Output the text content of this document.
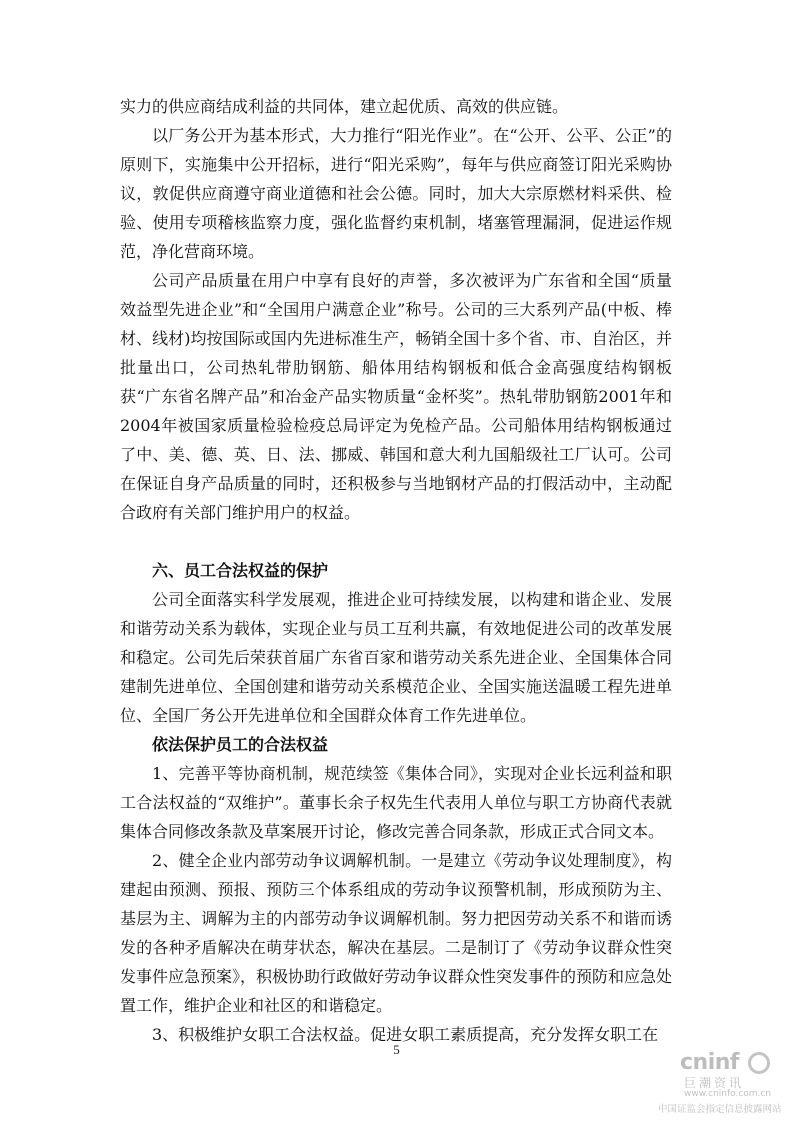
实力的供应商结成利益的共同体，建立起优质、高效的供应链。

以厂务公开为基本形式，大力推行“阳光作业”。在“公开、公平、公正”的原则下，实施集中公开招标，进行“阳光采购”，每年与供应商签订阳光采购协议，敦促供应商遵守商业道德和社会公德。同时，加大大宗原燃材料采供、检验、使用专项稽核监察力度，强化监督约束机制，堵塞管理漏洞，促进运作规范，净化营商环境。

公司产品质量在用户中享有良好的声誉，多次被评为广东省和全国“质量效益型先进企业”和“全国用户满意企业”称号。公司的三大系列产品(中板、棒材、线材)均按国际或国内先进标准生产，畅销全国十多个省、市、自治区，并批量出口，公司热轧带肋钢筋、船体用结构钢板和低合金高强度结构钢板获“广东省名牌产品”和冶金产品实物质量“金杯奖”。热轧带肋钢筋2001年和2004年被国家质量检验检疫总局评定为免检产品。公司船体用结构钢板通过了中、美、德、英、日、法、挪威、韩国和意大利九国船级社工厂认可。公司在保证自身产品质量的同时，还积极参与当地钢材产品的打假活动中，主动配合政府有关部门维护用户的权益。

六、员工合法权益的保护

公司全面落实科学发展观，推进企业可持续发展，以构建和谐企业、发展和谐劳动关系为载体，实现企业与员工互利共赢，有效地促进公司的改革发展和稳定。公司先后荣获首届广东省百家和谐劳动关系先进企业、全国集体合同建制先进单位、全国创建和谐劳动关系模范企业、全国实施送温暖工程先进单位、全国厂务公开先进单位和全国群众体育工作先进单位。

依法保护员工的合法权益

1、完善平等协商机制，规范续签《集体合同》，实现对企业长远利益和职工合法权益的“双维护”。董事长余子权先生代表用人单位与职工方协商代表就集体合同修改条款及草案展开讨论，修改完善合同条款，形成正式合同文本。

2、健全企业内部劳动争议调解机制。一是建立《劳动争议处理制度》，构建起由预测、预报、预防三个体系组成的劳动争议预警机制，形成预防为主、基层为主、调解为主的内部劳动争议调解机制。努力把因劳动关系不和谐而诱发的各种矛盾解决在萌芽状态，解决在基层。二是制订了《劳动争议群众性突发事件应急预案》，积极协助行政做好劳动争议群众性突发事件的预防和应急处置工作，维护企业和社区的和谐稳定。

3、积极维护女职工合法权益。促进女职工素质提高，充分发挥女职工在

5
cninf
巨潮资讯
www.cninfo.com.cn
中国证监会指定信息披露网站
